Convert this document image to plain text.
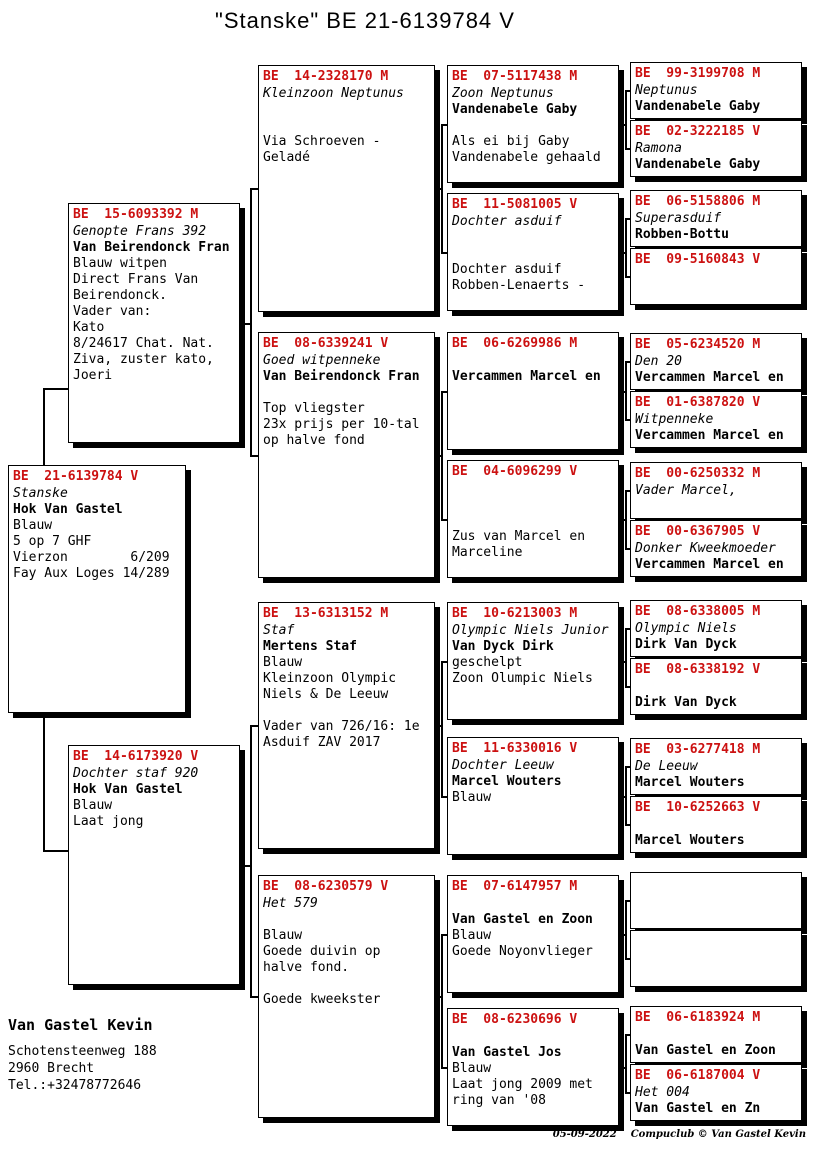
"Stanske" BE 21-6139784 V
Van Gastel Kevin
Schotensteenweg 188
2960 Brecht
Tel.:+32478772646
05-09-2022 Compuclub © Van Gastel Kevin
BE  21-6139784 V
Stanske
Hok Van Gastel
Blauw
5 op 7 GHF
Vierzon        6/209
Fay Aux Loges 14/289
BE  15-6093392 M
Genopte Frans 392
Van Beirendonck Fran
Blauw witpen
Direct Frans Van
Beirendonck.
Vader van:
Kato
8/24617 Chat. Nat.
Ziva, zuster kato,
Joeri
BE  14-6173920 V
Dochter staf 920
Hok Van Gastel
Blauw
Laat jong
BE  14-2328170 M
Kleinzoon Neptunus
Via Schroeven -
Geladé
BE  08-6339241 V
Goed witpenneke
Van Beirendonck Fran
Top vliegster
23x prijs per 10-tal
op halve fond
BE  13-6313152 M
Staf
Mertens Staf
Blauw
Kleinzoon Olympic
Niels & De Leeuw
Vader van 726/16: 1e
Asduif ZAV 2017
BE  08-6230579 V
Het 579
Blauw
Goede duivin op
halve fond.
Goede kweekster
BE  07-5117438 M
Zoon Neptunus
Vandenabele Gaby
Als ei bij Gaby
Vandenabele gehaald
BE  11-5081005 V
Dochter asduif
Dochter asduif
Robben-Lenaerts -
BE  06-6269986 M
Vercammen Marcel en
BE  04-6096299 V
Zus van Marcel en
Marceline
BE  10-6213003 M
Olympic Niels Junior
Van Dyck Dirk
geschelpt
Zoon Olumpic Niels
BE  11-6330016 V
Dochter Leeuw
Marcel Wouters
Blauw
BE  07-6147957 M
Van Gastel en Zoon
Blauw
Goede Noyonvlieger
BE  08-6230696 V
Van Gastel Jos
Blauw
Laat jong 2009 met
ring van '08
BE  99-3199708 M
Neptunus
Vandenabele Gaby
BE  02-3222185 V
Ramona
Vandenabele Gaby
BE  06-5158806 M
Superasduif
Robben-Bottu
BE  09-5160843 V
BE  05-6234520 M
Den 20
Vercammen Marcel en
BE  01-6387820 V
Witpenneke
Vercammen Marcel en
BE  00-6250332 M
Vader Marcel,
BE  00-6367905 V
Donker Kweekmoeder
Vercammen Marcel en
BE  08-6338005 M
Olympic Niels
Dirk Van Dyck
BE  08-6338192 V
Dirk Van Dyck
BE  03-6277418 M
De Leeuw
Marcel Wouters
BE  10-6252663 V
Marcel Wouters
BE  06-6183924 M
Van Gastel en Zoon
BE  06-6187004 V
Het 004
Van Gastel en Zn
